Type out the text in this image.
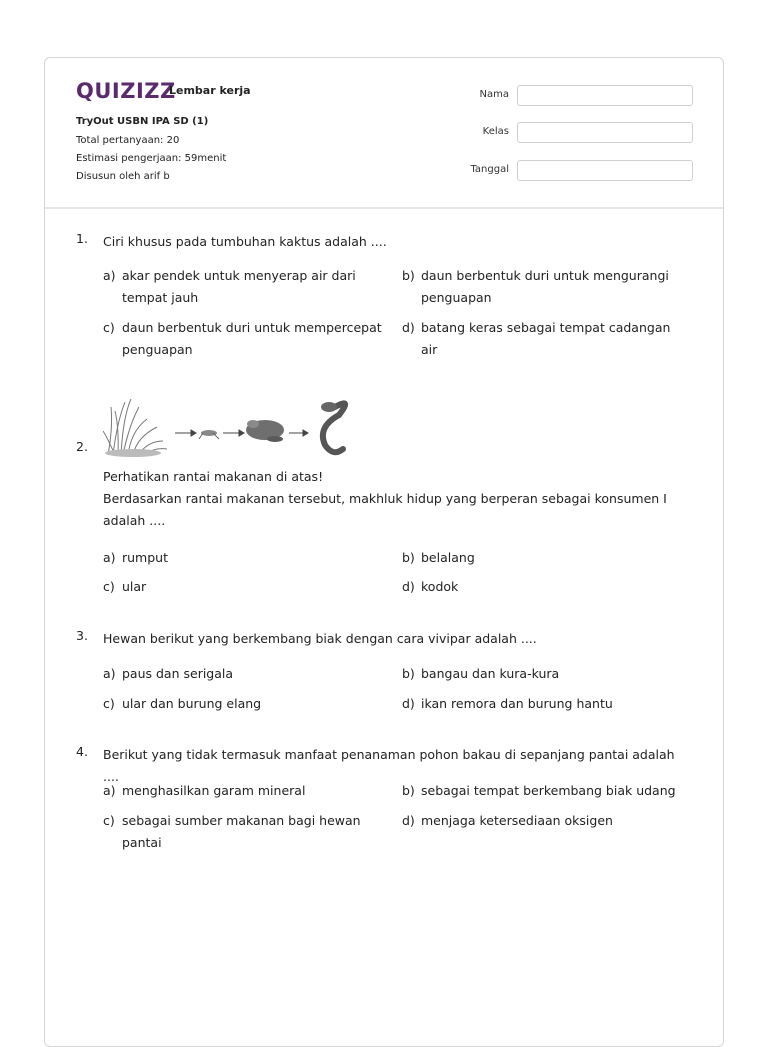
QUIZIZZ
Lembar kerja
TryOut USBN IPA SD (1)
Total pertanyaan: 20
Estimasi pengerjaan: 59menit
Disusun oleh arif b
Nama
Kelas
Tanggal
1. Ciri khusus pada tumbuhan kaktus adalah ....
a) akar pendek untuk menyerap air dari tempat jauh
b) daun berbentuk duri untuk mengurangi penguapan
c) daun berbentuk duri untuk mempercepat penguapan
d) batang keras sebagai tempat cadangan air
2.
Perhatikan rantai makanan di atas!
Berdasarkan rantai makanan tersebut, makhluk hidup yang berperan sebagai konsumen I adalah ....
a) rumput	b) belalang
c) ular	d) kodok
3. Hewan berikut yang berkembang biak dengan cara vivipar adalah ....
a) paus dan serigala	b) bangau dan kura-kura
c) ular dan burung elang	d) ikan remora dan burung hantu
4. Berikut yang tidak termasuk manfaat penanaman pohon bakau di sepanjang pantai adalah ....
a) menghasilkan garam mineral	b) sebagai tempat berkembang biak udang
c) sebagai sumber makanan bagi hewan pantai
d) menjaga ketersediaan oksigen
